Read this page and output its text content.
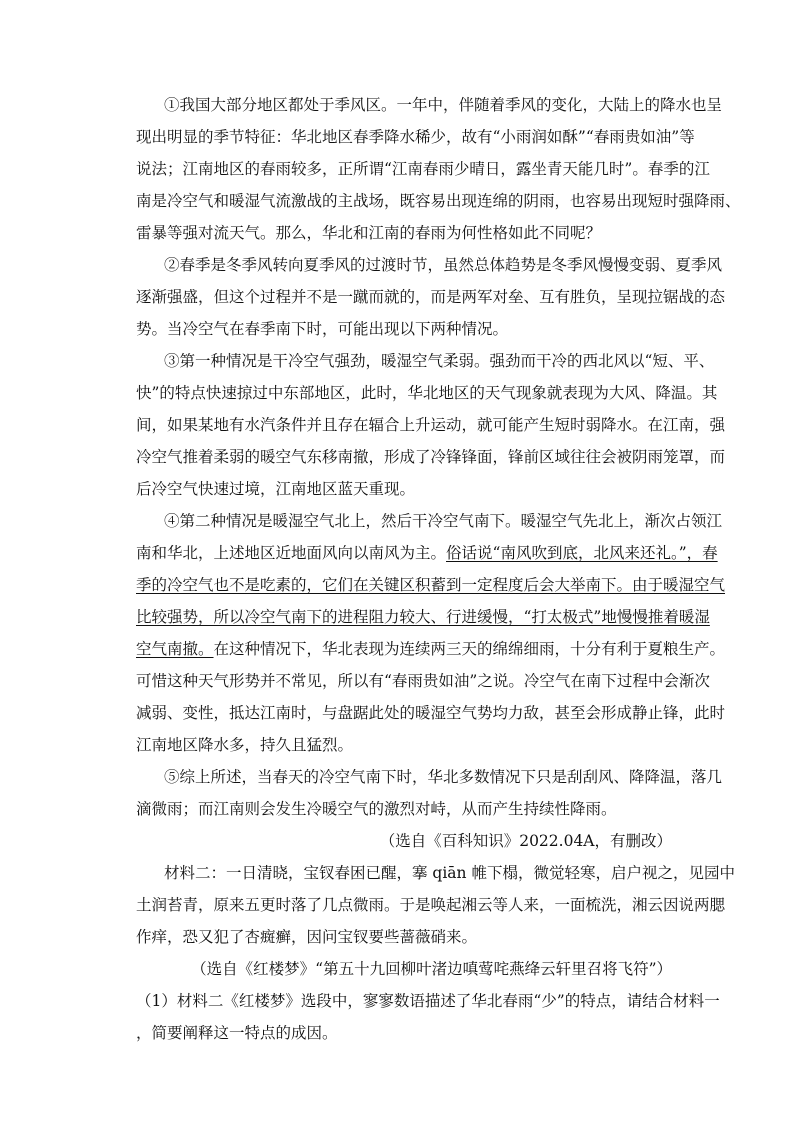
①我国大部分地区都处于季风区。一年中，伴随着季风的变化，大陆上的降水也呈
现出明显的季节特征：华北地区春季降水稀少，故有“小雨润如酥”“春雨贵如油”等
说法；江南地区的春雨较多，正所谓“江南春雨少晴日，露坐青天能几时”。春季的江
南是冷空气和暖湿气流激战的主战场，既容易出现连绵的阴雨，也容易出现短时强降雨、
雷暴等强对流天气。那么，华北和江南的春雨为何性格如此不同呢？
②春季是冬季风转向夏季风的过渡时节，虽然总体趋势是冬季风慢慢变弱、夏季风
逐渐强盛，但这个过程并不是一蹴而就的，而是两军对垒、互有胜负，呈现拉锯战的态
势。当冷空气在春季南下时，可能出现以下两种情况。
③第一种情况是干冷空气强劲，暖湿空气柔弱。强劲而干冷的西北风以“短、平、
快”的特点快速掠过中东部地区，此时，华北地区的天气现象就表现为大风、降温。其
间，如果某地有水汽条件并且存在辐合上升运动，就可能产生短时弱降水。在江南，强
冷空气推着柔弱的暖空气东移南撤，形成了冷锋锋面，锋前区域往往会被阴雨笼罩，而
后冷空气快速过境，江南地区蓝天重现。
④第二种情况是暖湿空气北上，然后干冷空气南下。暖湿空气先北上，渐次占领江
南和华北，上述地区近地面风向以南风为主。俗话说“南风吹到底，北风来还礼。”，春
季的冷空气也不是吃素的，它们在关键区积蓄到一定程度后会大举南下。由于暖湿空气
比较强势，所以冷空气南下的进程阻力较大、行进缓慢，“打太极式”地慢慢推着暖湿
空气南撤。在这种情况下，华北表现为连续两三天的绵绵细雨，十分有利于夏粮生产。
可惜这种天气形势并不常见，所以有“春雨贵如油”之说。冷空气在南下过程中会渐次
减弱、变性，抵达江南时，与盘踞此处的暖湿空气势均力敌，甚至会形成静止锋，此时
江南地区降水多，持久且猛烈。
⑤综上所述，当春天的冷空气南下时，华北多数情况下只是刮刮风、降降温，落几
滴微雨；而江南则会发生冷暖空气的激烈对峙，从而产生持续性降雨。
（选自《百科知识》2022.04A，有删改）
材料二：一日清晓，宝钗春困已醒，搴 qiān 帷下榻，微觉轻寒，启户视之，见园中
土润苔青，原来五更时落了几点微雨。于是唤起湘云等人来，一面梳洗，湘云因说两腮
作痒，恐又犯了杏癍癣，因问宝钗要些蔷薇硝来。
（选自《红楼梦》“第五十九回柳叶渚边嗔莺咤燕绛云轩里召将飞符”）
（1）材料二《红楼梦》选段中，寥寥数语描述了华北春雨“少”的特点，请结合材料一
，简要阐释这一特点的成因。
